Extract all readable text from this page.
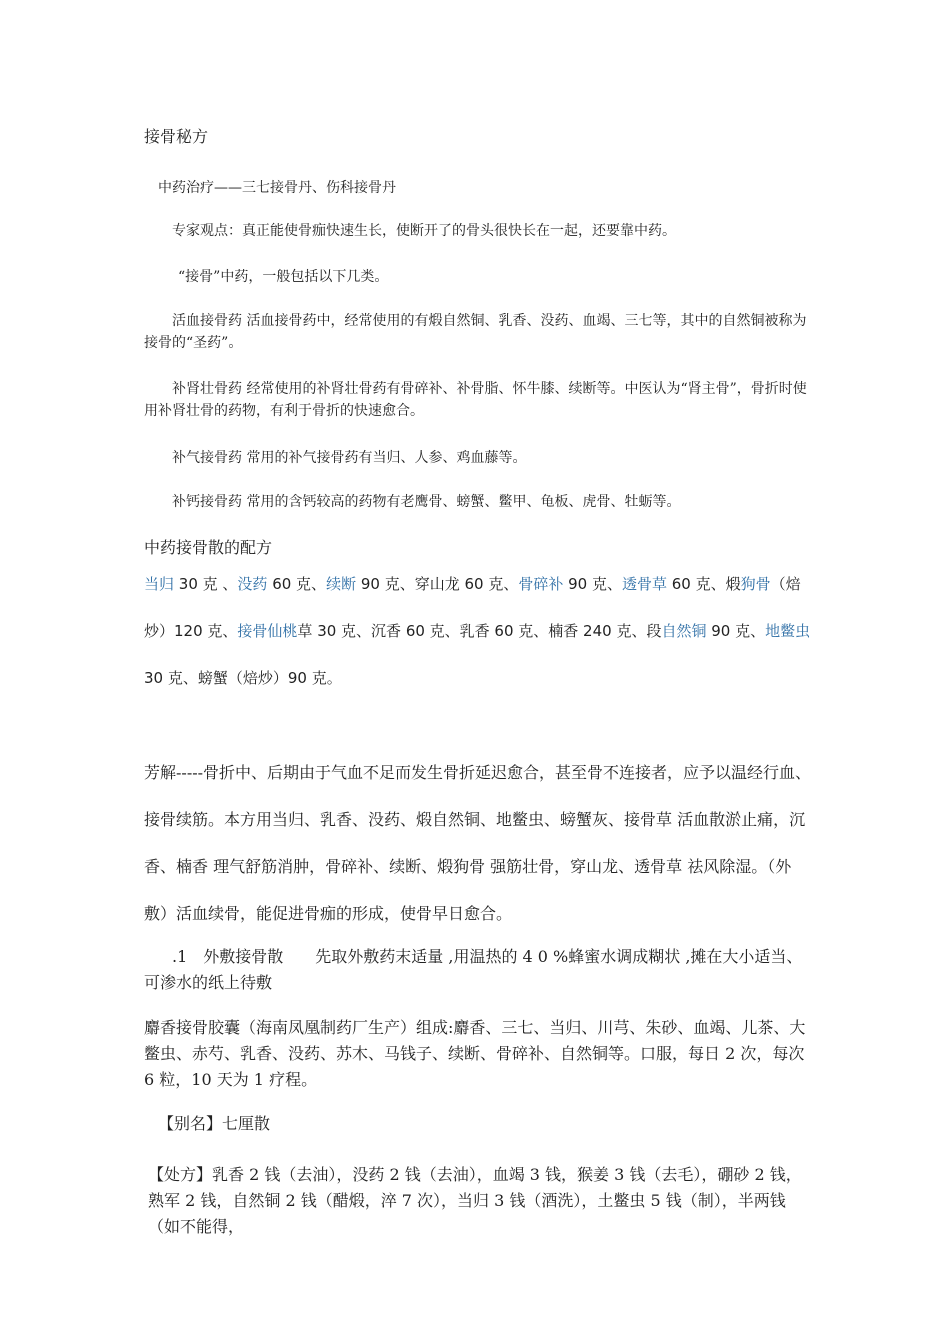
接骨秘方

中药治疗——三七接骨丹、伤科接骨丹

专家观点：真正能使骨痂快速生长，使断开了的骨头很快长在一起，还要靠中药。

“接骨”中药，一般包括以下几类。

活血接骨药 活血接骨药中，经常使用的有煅自然铜、乳香、没药、血竭、三七等，其中的自然铜被称为接骨的“圣药”。

补肾壮骨药 经常使用的补肾壮骨药有骨碎补、补骨脂、怀牛膝、续断等。中医认为“肾主骨”，骨折时使用补肾壮骨的药物，有利于骨折的快速愈合。

补气接骨药 常用的补气接骨药有当归、人参、鸡血藤等。

补钙接骨药 常用的含钙较高的药物有老鹰骨、螃蟹、鳖甲、龟板、虎骨、牡蛎等。

中药接骨散的配方

当归 30 克 、没药 60 克、续断 90 克、穿山龙 60 克、骨碎补 90 克、透骨草 60 克、煅狗骨（焙炒）120 克、接骨仙桃草 30 克、沉香 60 克、乳香 60 克、楠香 240 克、段自然铜 90 克、地鳖虫 30 克、螃蟹（焙炒）90 克。

芳解-----骨折中、后期由于气血不足而发生骨折延迟愈合，甚至骨不连接者，应予以温经行血、接骨续筋。本方用当归、乳香、没药、煅自然铜、地鳖虫、螃蟹灰、接骨草 活血散淤止痛，沉香、楠香 理气舒筋消肿，骨碎补、续断、煅狗骨 强筋壮骨，穿山龙、透骨草 祛风除湿。（外敷）活血续骨，能促进骨痂的形成，使骨早日愈合。

.1　外敷接骨散　　先取外敷药末适量 ,用温热的 4 0 %蜂蜜水调成糊状 ,摊在大小适当、可渗水的纸上待敷

麝香接骨胶囊（海南凤凰制药厂生产）组成:麝香、三七、当归、川芎、朱砂、血竭、儿茶、大鳖虫、赤芍、乳香、没药、苏木、马钱子、续断、骨碎补、自然铜等。口服，每日 2 次，每次 6 粒，10 天为 1 疗程。

【别名】七厘散

【处方】乳香 2 钱（去油），没药 2 钱（去油），血竭 3 钱，猴姜 3 钱（去毛），硼砂 2 钱，熟军 2 钱，自然铜 2 钱（醋煅，淬 7 次），当归 3 钱（酒洗），土鳖虫 5 钱（制），半两钱（如不能得，
